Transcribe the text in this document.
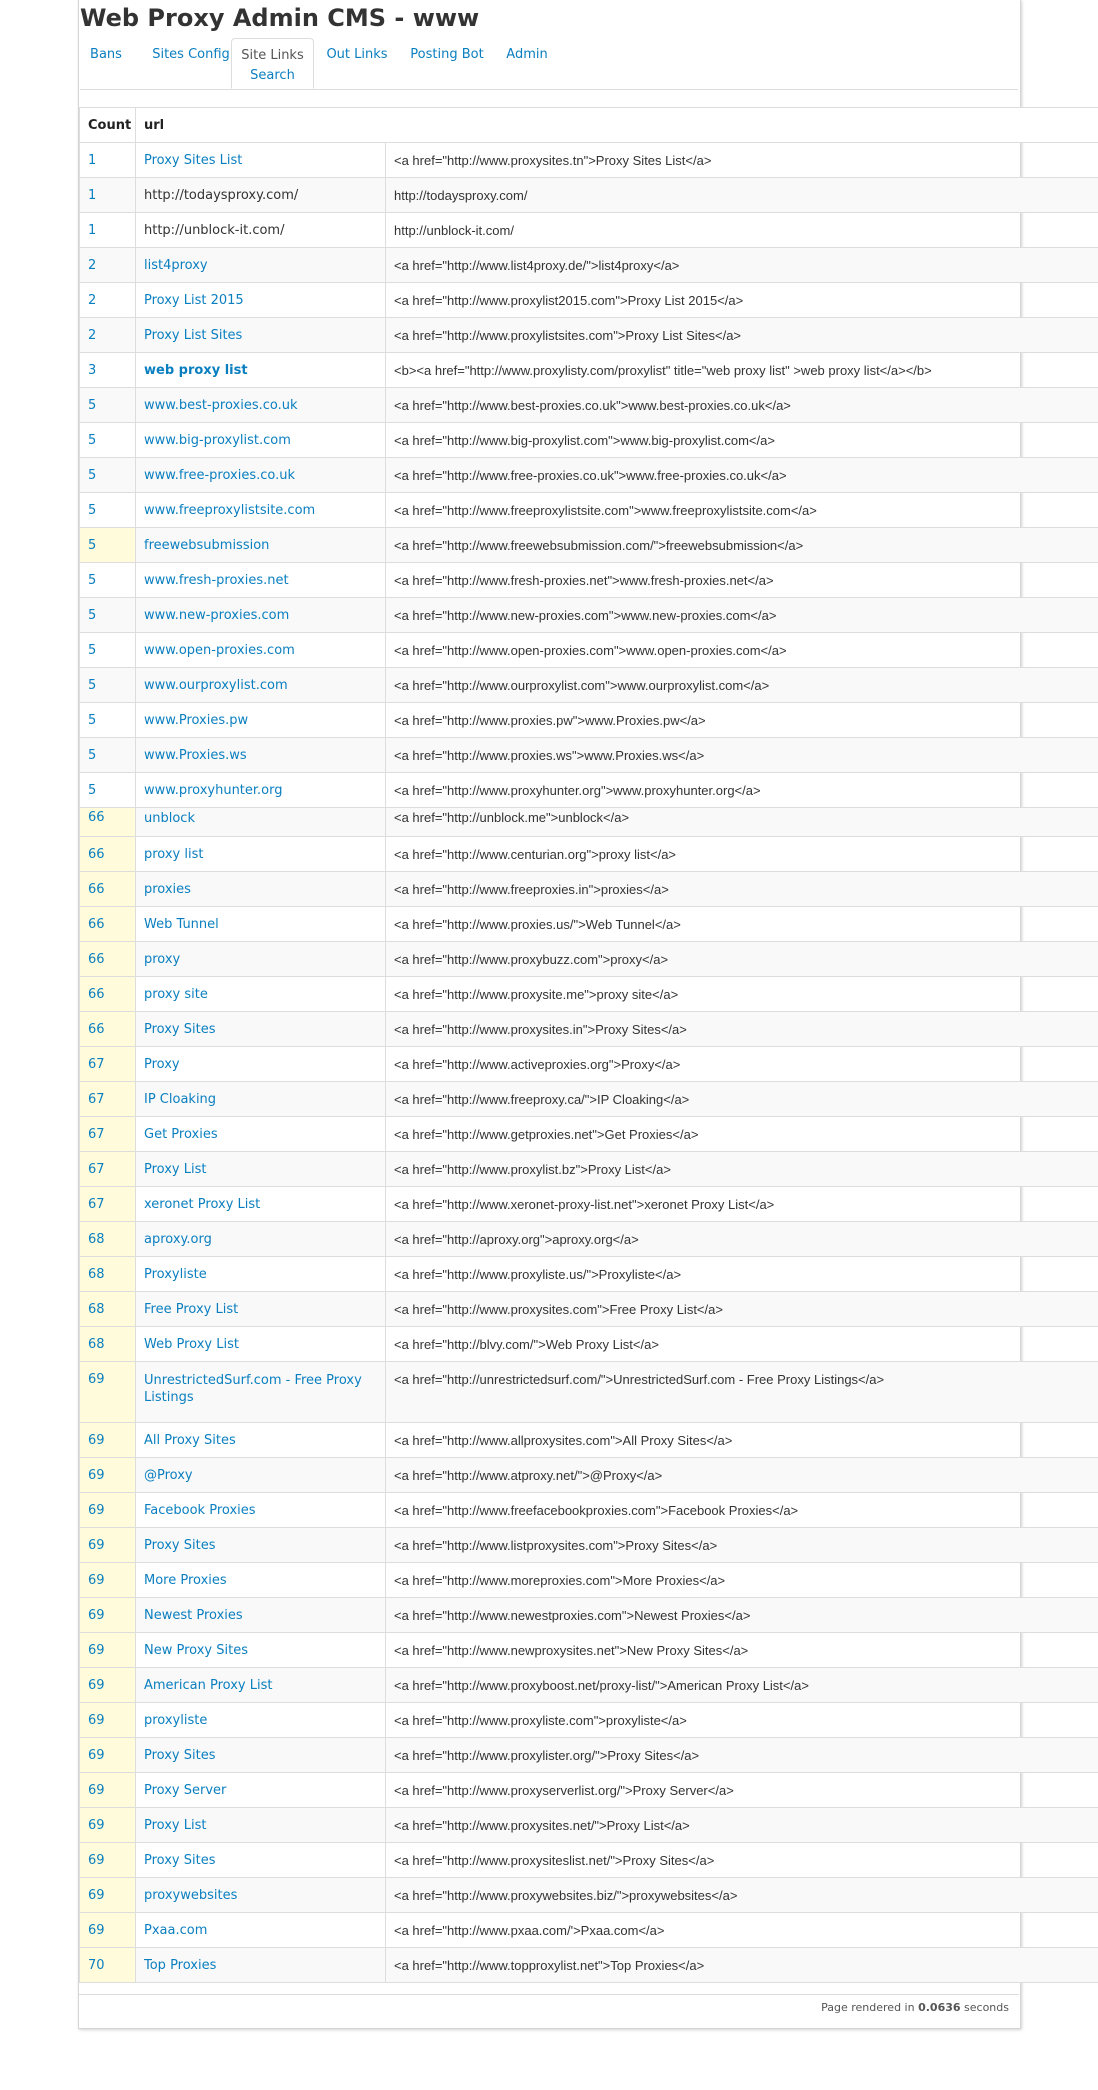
Web Proxy Admin CMS - www
Bans	Sites Config Site Links
Search
Out Links	Posting Bot	Admin
Count	url	
1	Proxy Sites List	<a href="http://www.proxysites.tn">Proxy Sites List</a>
1	http://todaysproxy.com/	http://todaysproxy.com/
1	http://unblock-it.com/	http://unblock-it.com/
2	list4proxy	<a href="http://www.list4proxy.de/">list4proxy</a>
2	Proxy List 2015	<a href="http://www.proxylist2015.com">Proxy List 2015</a>
2	Proxy List Sites	<a href="http://www.proxylistsites.com">Proxy List Sites</a>
3	web proxy list	<b><a href="http://www.proxylisty.com/proxylist" title="web proxy list" >web proxy list</a></b>
5	www.best-proxies.co.uk	<a href="http://www.best-proxies.co.uk">www.best-proxies.co.uk</a>
5	www.big-proxylist.com	<a href="http://www.big-proxylist.com">www.big-proxylist.com</a>
5	www.free-proxies.co.uk	<a href="http://www.free-proxies.co.uk">www.free-proxies.co.uk</a>
5	www.freeproxylistsite.com	<a href="http://www.freeproxylistsite.com">www.freeproxylistsite.com</a>
5	freewebsubmission	<a href="http://www.freewebsubmission.com/">freewebsubmission</a>
5	www.fresh-proxies.net	<a href="http://www.fresh-proxies.net">www.fresh-proxies.net</a>
5	www.new-proxies.com	<a href="http://www.new-proxies.com">www.new-proxies.com</a>
5	www.open-proxies.com	<a href="http://www.open-proxies.com">www.open-proxies.com</a>
5	www.ourproxylist.com	<a href="http://www.ourproxylist.com">www.ourproxylist.com</a>
5	www.Proxies.pw	<a href="http://www.proxies.pw">www.Proxies.pw</a>
5	www.Proxies.ws	<a href="http://www.proxies.ws">www.Proxies.ws</a>
5	www.proxyhunter.org	<a href="http://www.proxyhunter.org">www.proxyhunter.org</a>
66	unblock	<a href="http://unblock.me">unblock</a>
66	proxy list	<a href="http://www.centurian.org">proxy list</a>
66	proxies	<a href="http://www.freeproxies.in">proxies</a>
66	Web Tunnel	<a href="http://www.proxies.us/">Web Tunnel</a>
66	proxy	<a href="http://www.proxybuzz.com">proxy</a>
66	proxy site	<a href="http://www.proxysite.me">proxy site</a>
66	Proxy Sites	<a href="http://www.proxysites.in">Proxy Sites</a>
67	Proxy	<a href="http://www.activeproxies.org">Proxy</a>
67	IP Cloaking	<a href="http://www.freeproxy.ca/">IP Cloaking</a>
67	Get Proxies	<a href="http://www.getproxies.net">Get Proxies</a>
67	Proxy List	<a href="http://www.proxylist.bz">Proxy List</a>
67	xeronet Proxy List	<a href="http://www.xeronet-proxy-list.net">xeronet Proxy List</a>
68	aproxy.org	<a href="http://aproxy.org">aproxy.org</a>
68	Proxyliste	<a href="http://www.proxyliste.us/">Proxyliste</a>
68	Free Proxy List	<a href="http://www.proxysites.com">Free Proxy List</a>
68	Web Proxy List	<a href="http://blvy.com/">Web Proxy List</a>
69	UnrestrictedSurf.com - Free Proxy Listings	<a href="http://unrestrictedsurf.com/">UnrestrictedSurf.com - Free Proxy Listings</a>
69	All Proxy Sites	<a href="http://www.allproxysites.com">All Proxy Sites</a>
69	@Proxy	<a href="http://www.atproxy.net/">@Proxy</a>
69	Facebook Proxies	<a href="http://www.freefacebookproxies.com">Facebook Proxies</a>
69	Proxy Sites	<a href="http://www.listproxysites.com">Proxy Sites</a>
69	More Proxies	<a href="http://www.moreproxies.com">More Proxies</a>
69	Newest Proxies	<a href="http://www.newestproxies.com">Newest Proxies</a>
69	New Proxy Sites	<a href="http://www.newproxysites.net">New Proxy Sites</a>
69	American Proxy List	<a href="http://www.proxyboost.net/proxy-list/">American Proxy List</a>
69	proxyliste	<a href="http://www.proxyliste.com">proxyliste</a>
69	Proxy Sites	<a href="http://www.proxylister.org/">Proxy Sites</a>
69	Proxy Server	<a href="http://www.proxyserverlist.org/">Proxy Server</a>
69	Proxy List	<a href="http://www.proxysites.net/">Proxy List</a>
69	Proxy Sites	<a href="http://www.proxysiteslist.net/">Proxy Sites</a>
69	proxywebsites	<a href="http://www.proxywebsites.biz/">proxywebsites</a>
69	Pxaa.com	<a href="http://www.pxaa.com/'>Pxaa.com</a>
70	Top Proxies	<a href="http://www.topproxylist.net">Top Proxies</a>
Page rendered in 0.0636 seconds
